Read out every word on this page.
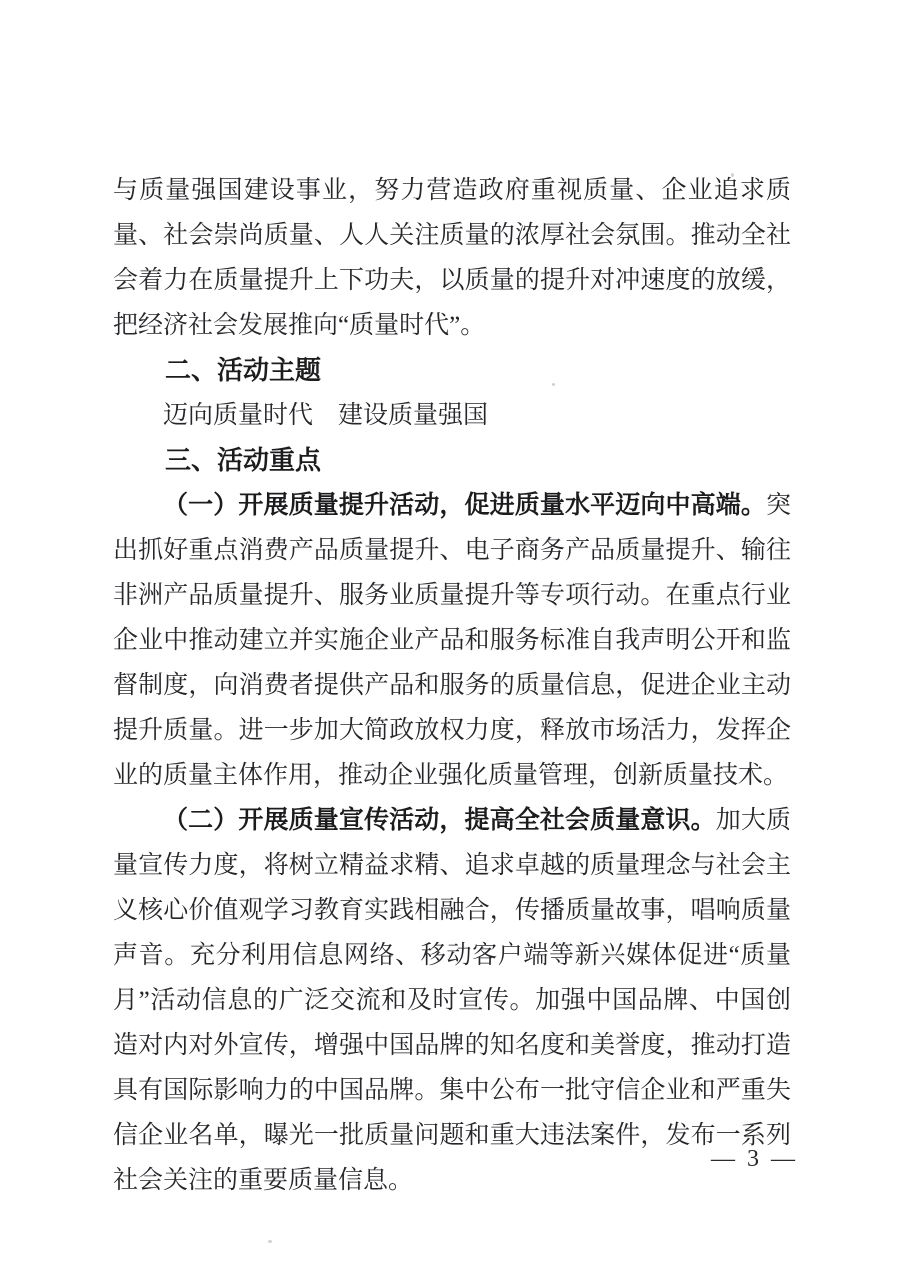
与质量强国建设事业，努力营造政府重视质量、企业追求质量、社会崇尚质量、人人关注质量的浓厚社会氛围。推动全社会着力在质量提升上下功夫，以质量的提升对冲速度的放缓，把经济社会发展推向“质量时代”。

二、活动主题

迈向质量时代　建设质量强国

三、活动重点

（一）开展质量提升活动，促进质量水平迈向中高端。突出抓好重点消费产品质量提升、电子商务产品质量提升、输往非洲产品质量提升、服务业质量提升等专项行动。在重点行业企业中推动建立并实施企业产品和服务标准自我声明公开和监督制度，向消费者提供产品和服务的质量信息，促进企业主动提升质量。进一步加大简政放权力度，释放市场活力，发挥企业的质量主体作用，推动企业强化质量管理，创新质量技术。

（二）开展质量宣传活动，提高全社会质量意识。加大质量宣传力度，将树立精益求精、追求卓越的质量理念与社会主义核心价值观学习教育实践相融合，传播质量故事，唱响质量声音。充分利用信息网络、移动客户端等新兴媒体促进“质量月”活动信息的广泛交流和及时宣传。加强中国品牌、中国创造对内对外宣传，增强中国品牌的知名度和美誉度，推动打造具有国际影响力的中国品牌。集中公布一批守信企业和严重失信企业名单，曝光一批质量问题和重大违法案件，发布一系列社会关注的重要质量信息。

— 3 —
